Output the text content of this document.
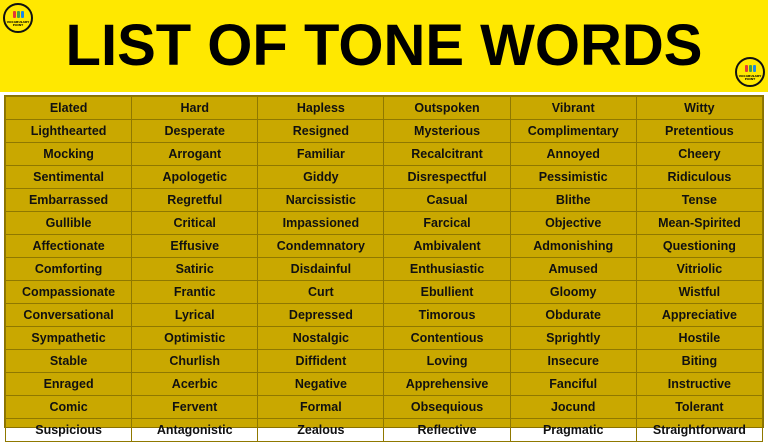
VOCABULARY
POINT LIST OF TONE WORDS	VOCABULARY
POINT
Elated	Hard	Hapless	Outspoken	Vibrant	Witty
Lighthearted	Desperate	Resigned	Mysterious	Complimentary	Pretentious
Mocking	Arrogant	Familiar	Recalcitrant	Annoyed	Cheery
Sentimental	Apologetic	Giddy	Disrespectful	Pessimistic	Ridiculous
Embarrassed	Regretful	Narcissistic	Casual	Blithe	Tense
Gullible	Critical	Impassioned	Farcical	Objective	Mean-Spirited
Affectionate	Effusive	Condemnatory	Ambivalent	Admonishing	Questioning
Comforting	Satiric	Disdainful	Enthusiastic	Amused	Vitriolic
Compassionate	Frantic	Curt	Ebullient	Gloomy	Wistful
Conversational	Lyrical	Depressed	Timorous	Obdurate	Appreciative
Sympathetic	Optimistic	Nostalgic	Contentious	Sprightly	Hostile
Stable	Churlish	Diffident	Loving	Insecure	Biting
Enraged	Acerbic	Negative	Apprehensive	Fanciful	Instructive
Comic	Fervent	Formal	Obsequious	Jocund	Tolerant
Suspicious	Antagonistic	Zealous	Reflective	Pragmatic	Straightforward
